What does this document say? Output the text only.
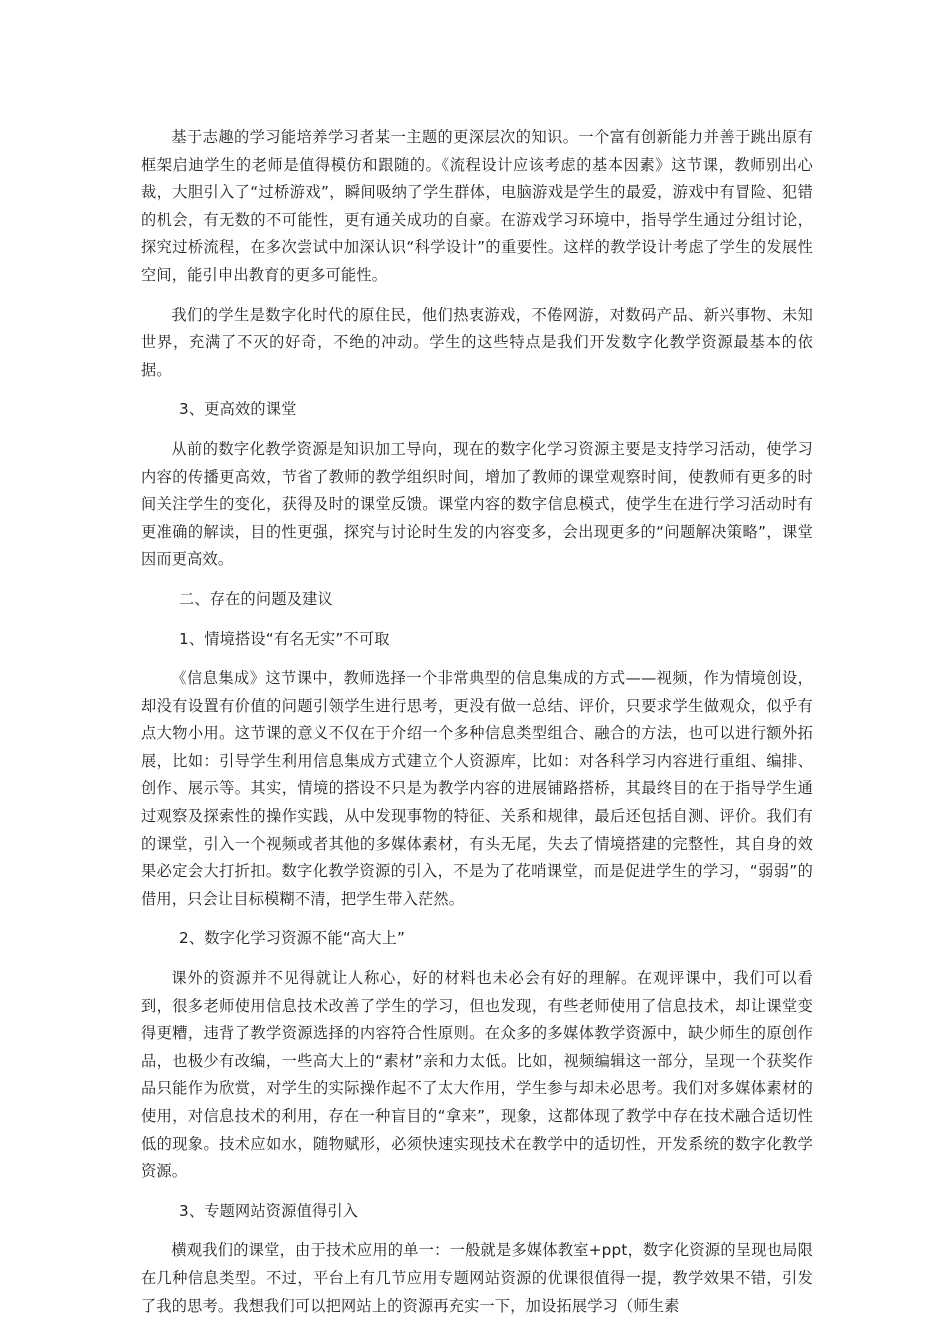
基于志趣的学习能培养学习者某一主题的更深层次的知识。一个富有创新能力并善于跳出原有框架启迪学生的老师是值得模仿和跟随的。《流程设计应该考虑的基本因素》这节课，教师别出心裁，大胆引入了“过桥游戏”，瞬间吸纳了学生群体，电脑游戏是学生的最爱，游戏中有冒险、犯错的机会，有无数的不可能性，更有通关成功的自豪。在游戏学习环境中，指导学生通过分组讨论，探究过桥流程，在多次尝试中加深认识“科学设计”的重要性。这样的教学设计考虑了学生的发展性空间，能引申出教育的更多可能性。

我们的学生是数字化时代的原住民，他们热衷游戏，不倦网游，对数码产品、新兴事物、未知世界，充满了不灭的好奇，不绝的冲动。学生的这些特点是我们开发数字化教学资源最基本的依据。

3、更高效的课堂

从前的数字化教学资源是知识加工导向，现在的数字化学习资源主要是支持学习活动，使学习内容的传播更高效，节省了教师的教学组织时间，增加了教师的课堂观察时间，使教师有更多的时间关注学生的变化，获得及时的课堂反馈。课堂内容的数字信息模式，使学生在进行学习活动时有更准确的解读，目的性更强，探究与讨论时生发的内容变多，会出现更多的“问题解决策略”，课堂因而更高效。

二、存在的问题及建议

1、情境搭设“有名无实”不可取

《信息集成》这节课中，教师选择一个非常典型的信息集成的方式——视频，作为情境创设，却没有设置有价值的问题引领学生进行思考，更没有做一总结、评价，只要求学生做观众，似乎有点大物小用。这节课的意义不仅在于介绍一个多种信息类型组合、融合的方法，也可以进行额外拓展，比如：引导学生利用信息集成方式建立个人资源库，比如：对各科学习内容进行重组、编排、创作、展示等。其实，情境的搭设不只是为教学内容的进展铺路搭桥，其最终目的在于指导学生通过观察及探索性的操作实践，从中发现事物的特征、关系和规律，最后还包括自测、评价。我们有的课堂，引入一个视频或者其他的多媒体素材，有头无尾，失去了情境搭建的完整性，其自身的效果必定会大打折扣。数字化教学资源的引入，不是为了花哨课堂，而是促进学生的学习，“弱弱”的借用，只会让目标模糊不清，把学生带入茫然。

2、数字化学习资源不能“高大上”

课外的资源并不见得就让人称心，好的材料也未必会有好的理解。在观评课中，我们可以看到，很多老师使用信息技术改善了学生的学习，但也发现，有些老师使用了信息技术，却让课堂变得更糟，违背了教学资源选择的内容符合性原则。在众多的多媒体教学资源中，缺少师生的原创作品，也极少有改编，一些高大上的“素材”亲和力太低。比如，视频编辑这一部分，呈现一个获奖作品只能作为欣赏，对学生的实际操作起不了太大作用，学生参与却未必思考。我们对多媒体素材的使用，对信息技术的利用，存在一种盲目的“拿来”，现象，这都体现了教学中存在技术融合适切性低的现象。技术应如水，随物赋形，必须快速实现技术在教学中的适切性，开发系统的数字化教学资源。

3、专题网站资源值得引入

横观我们的课堂，由于技术应用的单一：一般就是多媒体教室+ppt，数字化资源的呈现也局限在几种信息类型。不过，平台上有几节应用专题网站资源的优课很值得一提，教学效果不错，引发了我的思考。我想我们可以把网站上的资源再充实一下，加设拓展学习（师生素
